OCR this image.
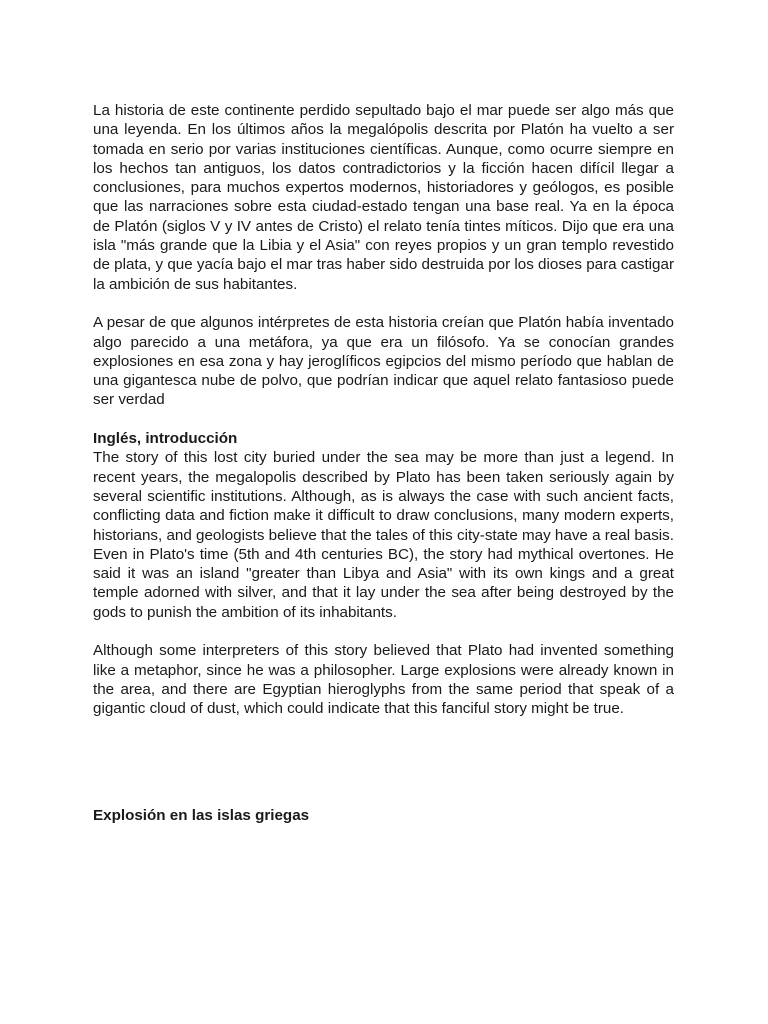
La historia de este continente perdido sepultado bajo el mar puede ser algo más que una leyenda. En los últimos años la megalópolis descrita por Platón ha vuelto a ser tomada en serio por varias instituciones científicas. Aunque, como ocurre siempre en los hechos tan antiguos, los datos contradictorios y la ficción hacen difícil llegar a conclusiones, para muchos expertos modernos, historiadores y geólogos, es posible que las narraciones sobre esta ciudad-estado tengan una base real. Ya en la época de Platón (siglos V y IV antes de Cristo) el relato tenía tintes míticos. Dijo que era una isla "más grande que la Libia y el Asia" con reyes propios y un gran templo revestido de plata, y que yacía bajo el mar tras haber sido destruida por los dioses para castigar la ambición de sus habitantes.

A pesar de que algunos intérpretes de esta historia creían que Platón había inventado algo parecido a una metáfora, ya que era un filósofo. Ya se conocían grandes explosiones en esa zona y hay jeroglíficos egipcios del mismo período que hablan de una gigantesca nube de polvo, que podrían indicar que aquel relato fantasioso puede ser verdad

Inglés, introducción

The story of this lost city buried under the sea may be more than just a legend. In recent years, the megalopolis described by Plato has been taken seriously again by several scientific institutions. Although, as is always the case with such ancient facts, conflicting data and fiction make it difficult to draw conclusions, many modern experts, historians, and geologists believe that the tales of this city-state may have a real basis. Even in Plato's time (5th and 4th centuries BC), the story had mythical overtones. He said it was an island "greater than Libya and Asia" with its own kings and a great temple adorned with silver, and that it lay under the sea after being destroyed by the gods to punish the ambition of its inhabitants.

Although some interpreters of this story believed that Plato had invented something like a metaphor, since he was a philosopher. Large explosions were already known in the area, and there are Egyptian hieroglyphs from the same period that speak of a gigantic cloud of dust, which could indicate that this fanciful story might be true.

Explosión en las islas griegas
